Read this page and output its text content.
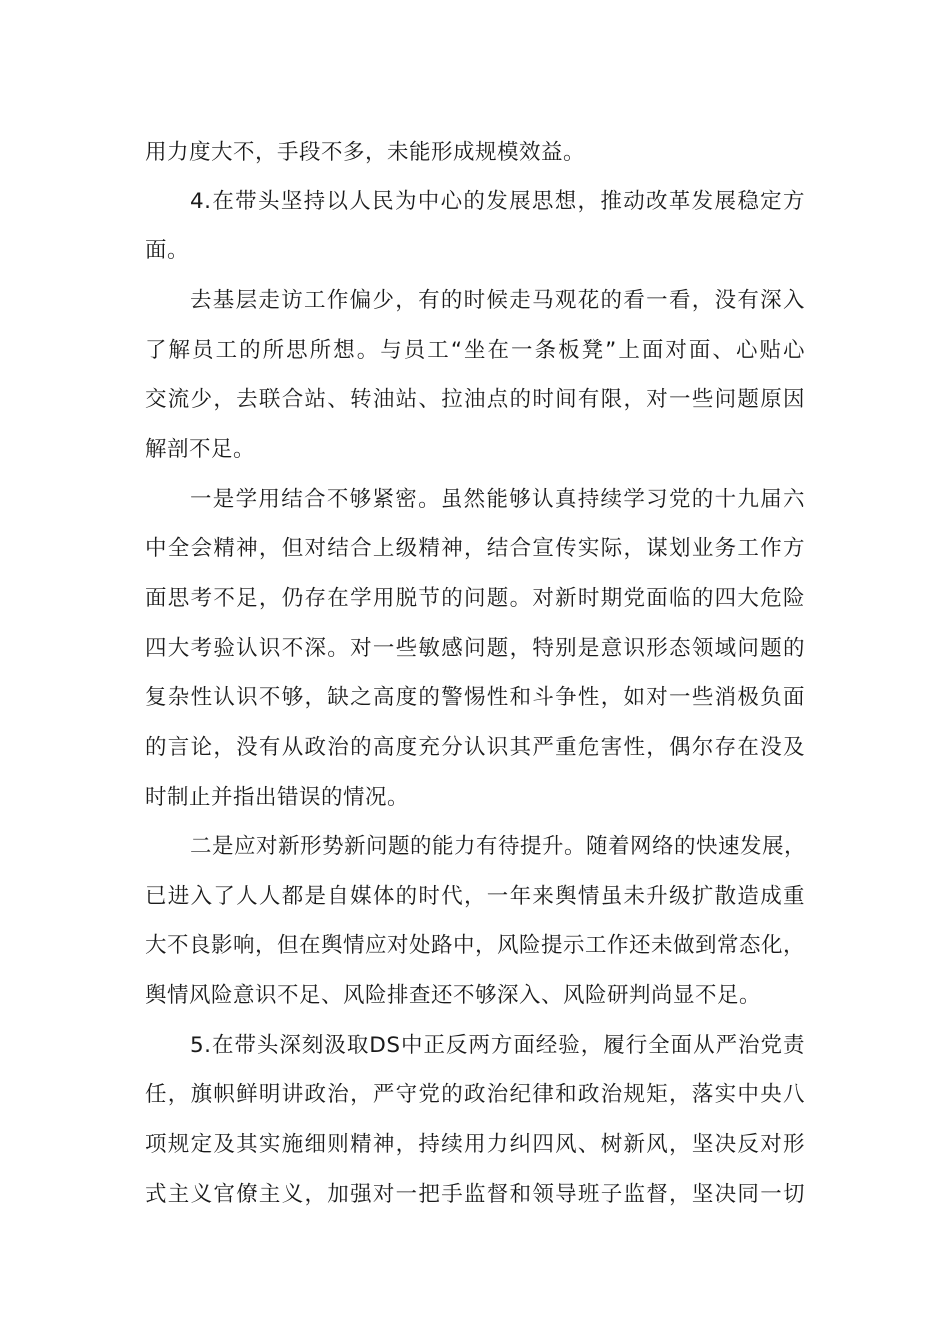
用力度大不，手段不多，未能形成规模效益。
4.在带头坚持以人民为中心的发展思想，推动改革发展稳定方
面。
去基层走访工作偏少，有的时候走马观花的看一看，没有深入
了解员工的所思所想。与员工“坐在一条板凳”上面对面、心贴心
交流少，去联合站、转油站、拉油点的时间有限，对一些问题原因
解剖不足。
一是学用结合不够紧密。虽然能够认真持续学习党的十九届六
中全会精神，但对结合上级精神，结合宣传实际，谋划业务工作方
面思考不足，仍存在学用脱节的问题。对新时期党面临的四大危险
四大考验认识不深。对一些敏感问题，特别是意识形态领域问题的
复杂性认识不够，缺之高度的警惕性和斗争性，如对一些消极负面
的言论，没有从政治的高度充分认识其严重危害性，偶尔存在没及
时制止并指出错误的情况。
二是应对新形势新问题的能力有待提升。随着网络的快速发展，
已进入了人人都是自媒体的时代，一年来舆情虽未升级扩散造成重
大不良影响，但在舆情应对处路中，风险提示工作还未做到常态化，
舆情风险意识不足、风险排查还不够深入、风险研判尚显不足。
5.在带头深刻汲取DS中正反两方面经验，履行全面从严治党责
任，旗帜鲜明讲政治，严守党的政治纪律和政治规矩，落实中央八
项规定及其实施细则精神，持续用力纠四风、树新风，坚决反对形
式主义官僚主义，加强对一把手监督和领导班子监督，坚决同一切
